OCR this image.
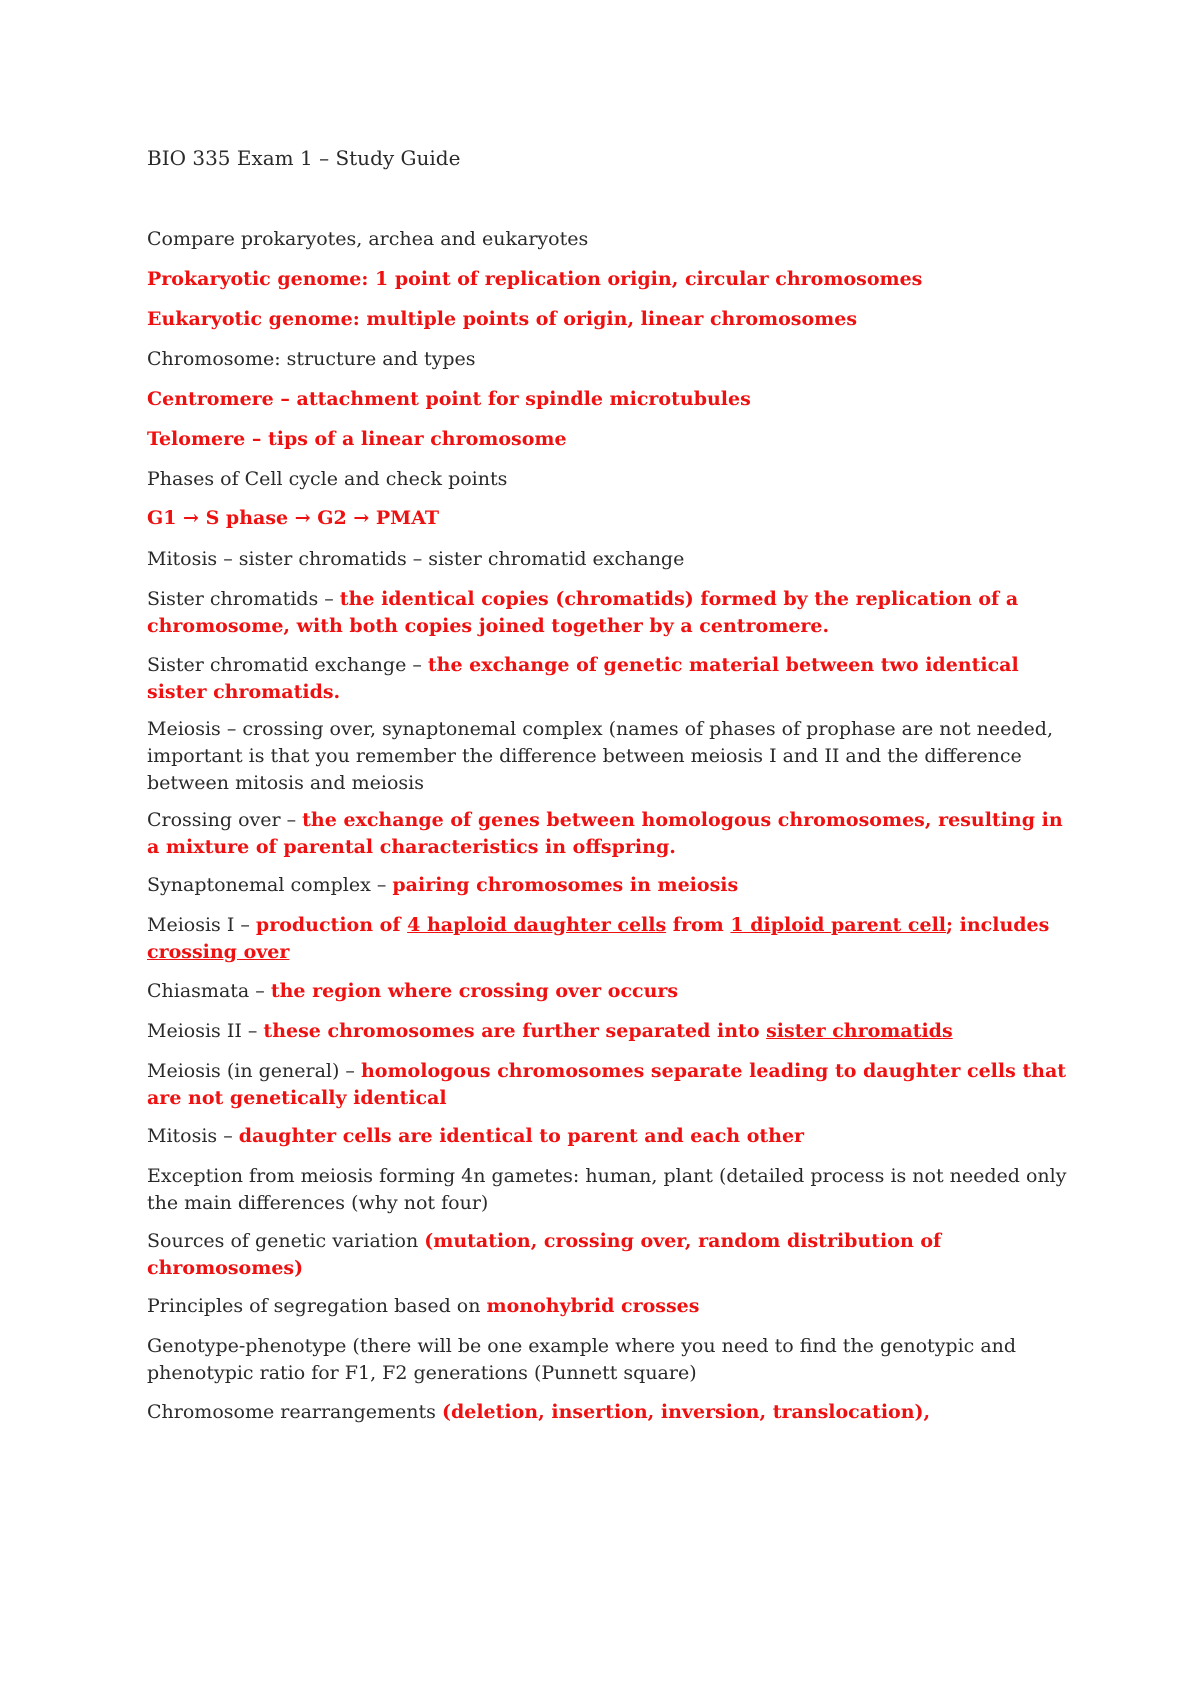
BIO 335 Exam 1 – Study Guide
Compare prokaryotes, archea and eukaryotes
Prokaryotic genome: 1 point of replication origin, circular chromosomes
Eukaryotic genome: multiple points of origin, linear chromosomes
Chromosome: structure and types
Centromere – attachment point for spindle microtubules
Telomere – tips of a linear chromosome
Phases of Cell cycle and check points
G1 → S phase → G2 → PMAT
Mitosis – sister chromatids – sister chromatid exchange
Sister chromatids – the identical copies (chromatids) formed by the replication of a chromosome, with both copies joined together by a centromere.
Sister chromatid exchange – the exchange of genetic material between two identical sister chromatids.
Meiosis – crossing over, synaptonemal complex (names of phases of prophase are not needed, important is that you remember the difference between meiosis I and II and the difference between mitosis and meiosis
Crossing over – the exchange of genes between homologous chromosomes, resulting in a mixture of parental characteristics in offspring.
Synaptonemal complex – pairing chromosomes in meiosis
Meiosis I – production of 4 haploid daughter cells from 1 diploid parent cell; includes crossing over
Chiasmata – the region where crossing over occurs
Meiosis II – these chromosomes are further separated into sister chromatids
Meiosis (in general) – homologous chromosomes separate leading to daughter cells that are not genetically identical
Mitosis – daughter cells are identical to parent and each other
Exception from meiosis forming 4n gametes: human, plant (detailed process is not needed only the main differences (why not four)
Sources of genetic variation (mutation, crossing over, random distribution of chromosomes)
Principles of segregation based on monohybrid crosses
Genotype-phenotype (there will be one example where you need to find the genotypic and phenotypic ratio for F1, F2 generations (Punnett square)
Chromosome rearrangements (deletion, insertion, inversion, translocation),
